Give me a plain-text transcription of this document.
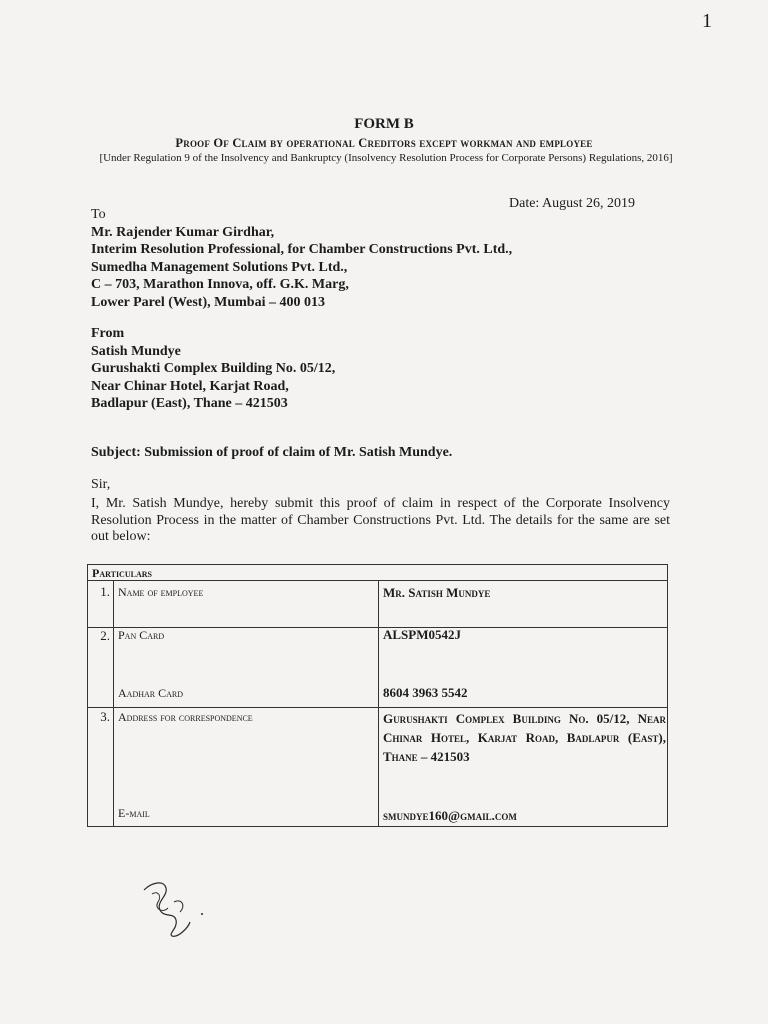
1
FORM B
Proof Of Claim by operational Creditors except workman and employee
[Under Regulation 9 of the Insolvency and Bankruptcy (Insolvency Resolution Process for Corporate Persons) Regulations, 2016]
Date: August 26, 2019
To
Mr. Rajender Kumar Girdhar,
Interim Resolution Professional, for Chamber Constructions Pvt. Ltd.,
Sumedha Management Solutions Pvt. Ltd.,
C – 703, Marathon Innova, off. G.K. Marg,
Lower Parel (West), Mumbai – 400 013
From
Satish Mundye
Gurushakti Complex Building No. 05/12,
Near Chinar Hotel, Karjat Road,
Badlapur (East), Thane – 421503
Subject: Submission of proof of claim of Mr. Satish Mundye.
Sir,
I, Mr. Satish Mundye, hereby submit this proof of claim in respect of the Corporate Insolvency Resolution Process in the matter of Chamber Constructions Pvt. Ltd. The details for the same are set out below:
Particulars
1. Name of employee	Mr. Satish Mundye
2. Pan Card	ALSPM0542J
Aadhar Card	8604 3963 5542
3. Address for correspondence	Gurushakti Complex Building No. 05/12, Near Chinar Hotel, Karjat Road, Badlapur (East), Thane – 421503
E-mail	smundye160@gmail.com
